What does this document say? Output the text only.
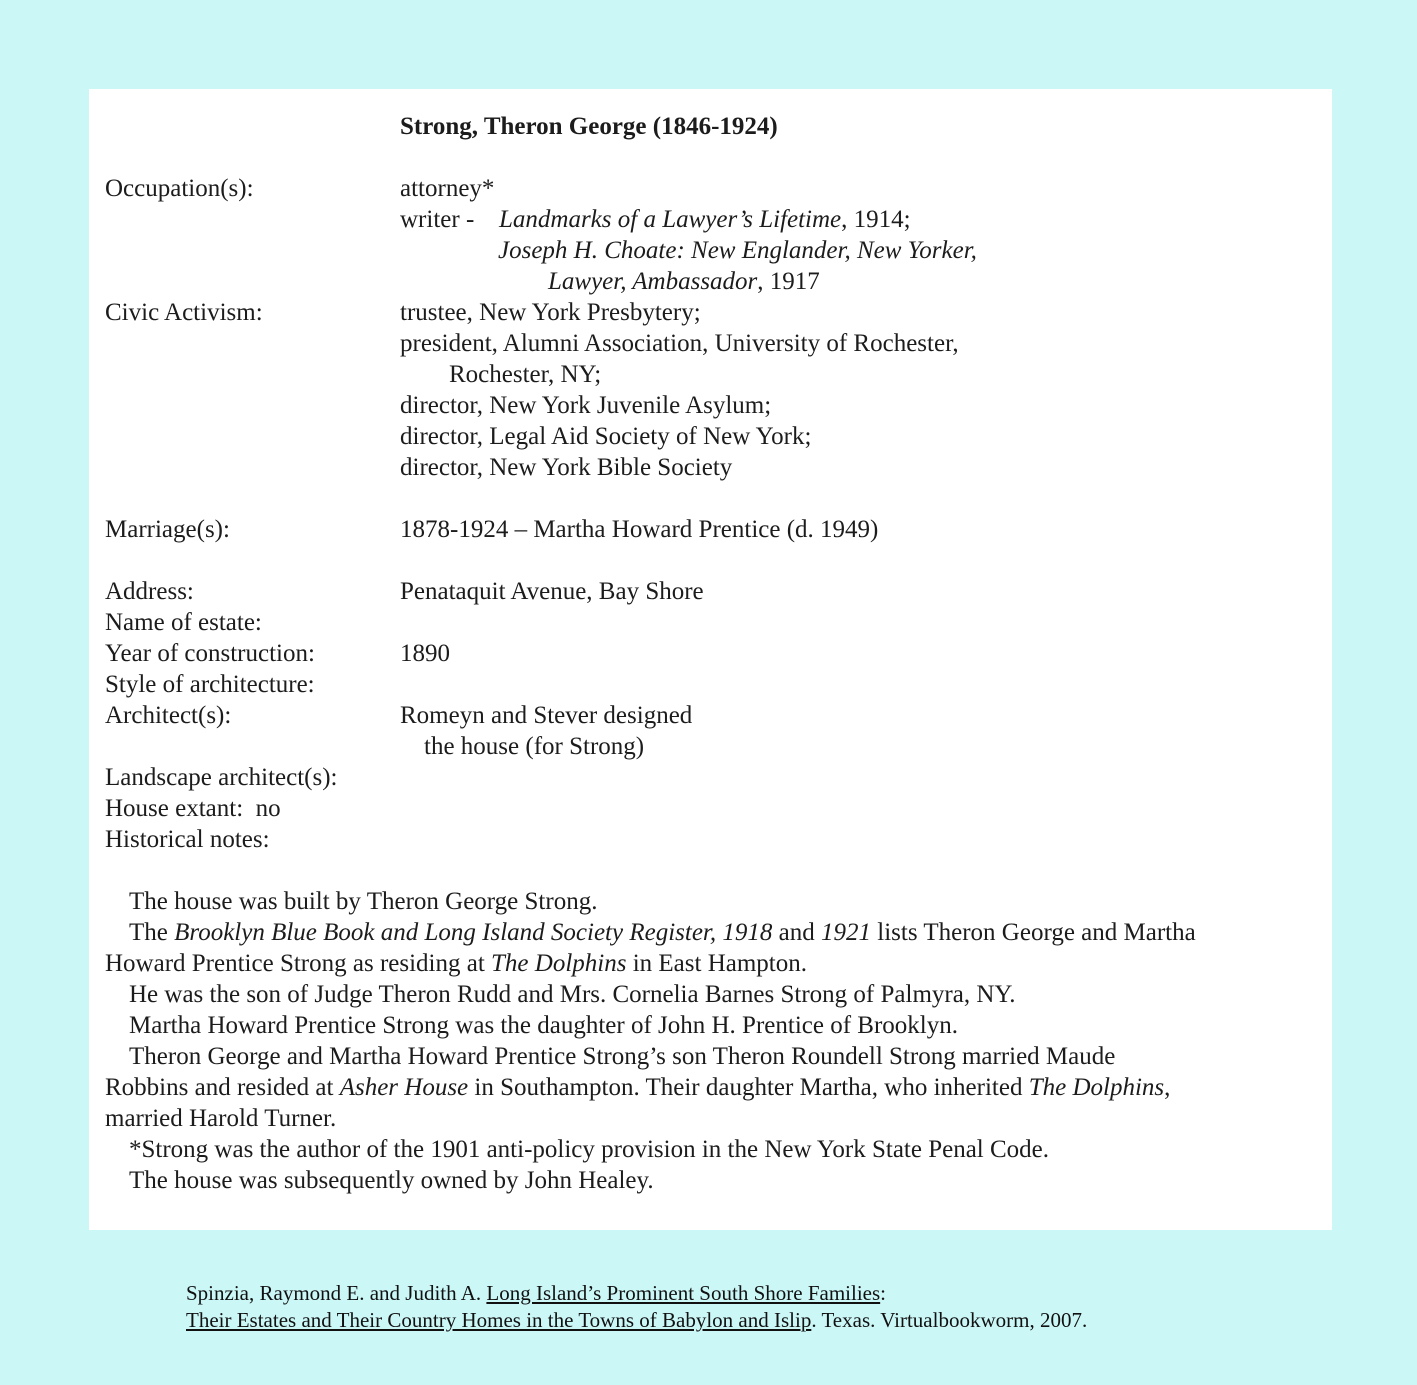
Strong, Theron George (1846-1924)
Occupation(s):	attorney*
writer - Landmarks of a Lawyer’s Lifetime, 1914;
Joseph H. Choate: New Englander, New Yorker,
Lawyer, Ambassador, 1917
Civic Activism:	trustee, New York Presbytery;
president, Alumni Association, University of Rochester,
Rochester, NY;
director, New York Juvenile Asylum;
director, Legal Aid Society of New York;
director, New York Bible Society
Marriage(s):	1878-1924 – Martha Howard Prentice (d. 1949)
Address:	Penataquit Avenue, Bay Shore
Name of estate:
Year of construction:	1890
Style of architecture:
Architect(s):	Romeyn and Stever designed
the house (for Strong)
Landscape architect(s):
House extant: no
Historical notes:

The house was built by Theron George Strong.

The Brooklyn Blue Book and Long Island Society Register, 1918 and 1921 lists Theron George and Martha

Howard Prentice Strong as residing at The Dolphins in East Hampton.

He was the son of Judge Theron Rudd and Mrs. Cornelia Barnes Strong of Palmyra, NY.

Martha Howard Prentice Strong was the daughter of John H. Prentice of Brooklyn.

Theron George and Martha Howard Prentice Strong’s son Theron Roundell Strong married Maude

Robbins and resided at Asher House in Southampton. Their daughter Martha, who inherited The Dolphins,

married Harold Turner.

*Strong was the author of the 1901 anti-policy provision in the New York State Penal Code.

The house was subsequently owned by John Healey.

Spinzia, Raymond E. and Judith A. Long Island’s Prominent South Shore Families:
Their Estates and Their Country Homes in the Towns of Babylon and Islip. Texas. Virtualbookworm, 2007.
